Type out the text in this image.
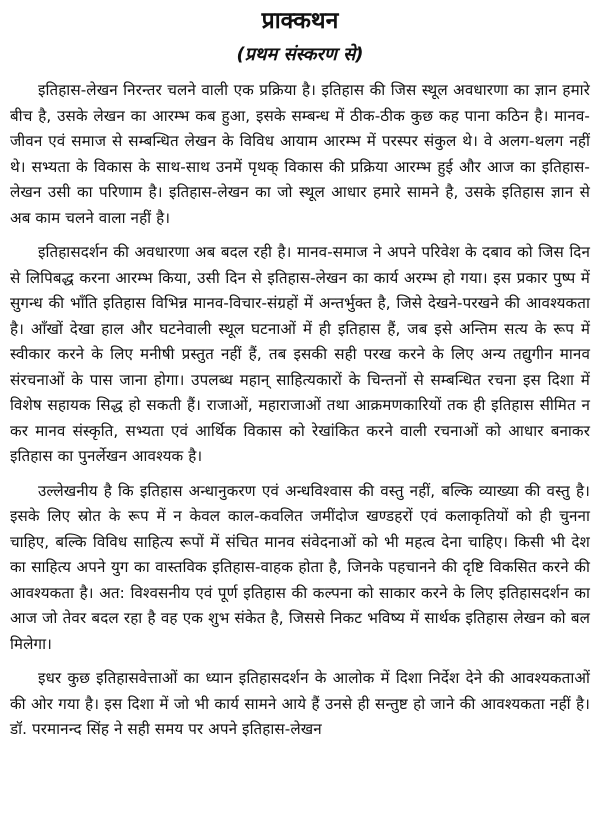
प्राक्कथन
(प्रथम संस्करण से)

इतिहास-लेखन निरन्तर चलने वाली एक प्रक्रिया है। इतिहास की जिस स्थूल अवधारणा का ज्ञान हमारे बीच है, उसके लेखन का आरम्भ कब हुआ, इसके सम्बन्ध में ठीक-ठीक कुछ कह पाना कठिन है। मानव-जीवन एवं समाज से सम्बन्धित लेखन के विविध आयाम आरम्भ में परस्पर संकुल थे। वे अलग-थलग नहीं थे। सभ्यता के विकास के साथ-साथ उनमें पृथक् विकास की प्रक्रिया आरम्भ हुई और आज का इतिहास-लेखन उसी का परिणाम है। इतिहास-लेखन का जो स्थूल आधार हमारे सामने है, उसके इतिहास ज्ञान से अब काम चलने वाला नहीं है।

इतिहासदर्शन की अवधारणा अब बदल रही है। मानव-समाज ने अपने परिवेश के दबाव को जिस दिन से लिपिबद्ध करना आरम्भ किया, उसी दिन से इतिहास-लेखन का कार्य अरम्भ हो गया। इस प्रकार पुष्प में सुगन्ध की भाँति इतिहास विभिन्न मानव-विचार-संग्रहों में अन्तर्भुक्त है, जिसे देखने-परखने की आवश्यकता है। आँखों देखा हाल और घटनेवाली स्थूल घटनाओं में ही इतिहास हैं, जब इसे अन्तिम सत्य के रूप में स्वीकार करने के लिए मनीषी प्रस्तुत नहीं हैं, तब इसकी सही परख करने के लिए अन्य तद्युगीन मानव संरचनाओं के पास जाना होगा। उपलब्ध महान् साहित्यकारों के चिन्तनों से सम्बन्धित रचना इस दिशा में विशेष सहायक सिद्ध हो सकती हैं। राजाओं, महाराजाओं तथा आक्रमणकारियों तक ही इतिहास सीमित न कर मानव संस्कृति, सभ्यता एवं आर्थिक विकास को रेखांकित करने वाली रचनाओं को आधार बनाकर इतिहास का पुनर्लेखन आवश्यक है।

उल्लेखनीय है कि इतिहास अन्धानुकरण एवं अन्धविश्वास की वस्तु नहीं, बल्कि व्याख्या की वस्तु है। इसके लिए स्रोत के रूप में न केवल काल-कवलित जमींदोज खण्डहरों एवं कलाकृतियों को ही चुनना चाहिए, बल्कि विविध साहित्य रूपों में संचित मानव संवेदनाओं को भी महत्व देना चाहिए। किसी भी देश का साहित्य अपने युग का वास्तविक इतिहास-वाहक होता है, जिनके पहचानने की दृष्टि विकसित करने की आवश्यकता है। अत: विश्वसनीय एवं पूर्ण इतिहास की कल्पना को साकार करने के लिए इतिहासदर्शन का आज जो तेवर बदल रहा है वह एक शुभ संकेत है, जिससे निकट भविष्य में सार्थक इतिहास लेखन को बल मिलेगा।

इधर कुछ इतिहासवेत्ताओं का ध्यान इतिहासदर्शन के आलोक में दिशा निर्देश देने की आवश्यकताओं की ओर गया है। इस दिशा में जो भी कार्य सामने आये हैं उनसे ही सन्तुष्ट हो जाने की आवश्यकता नहीं है। डॉ. परमानन्द सिंह ने सही समय पर अपने इतिहास-लेखन
